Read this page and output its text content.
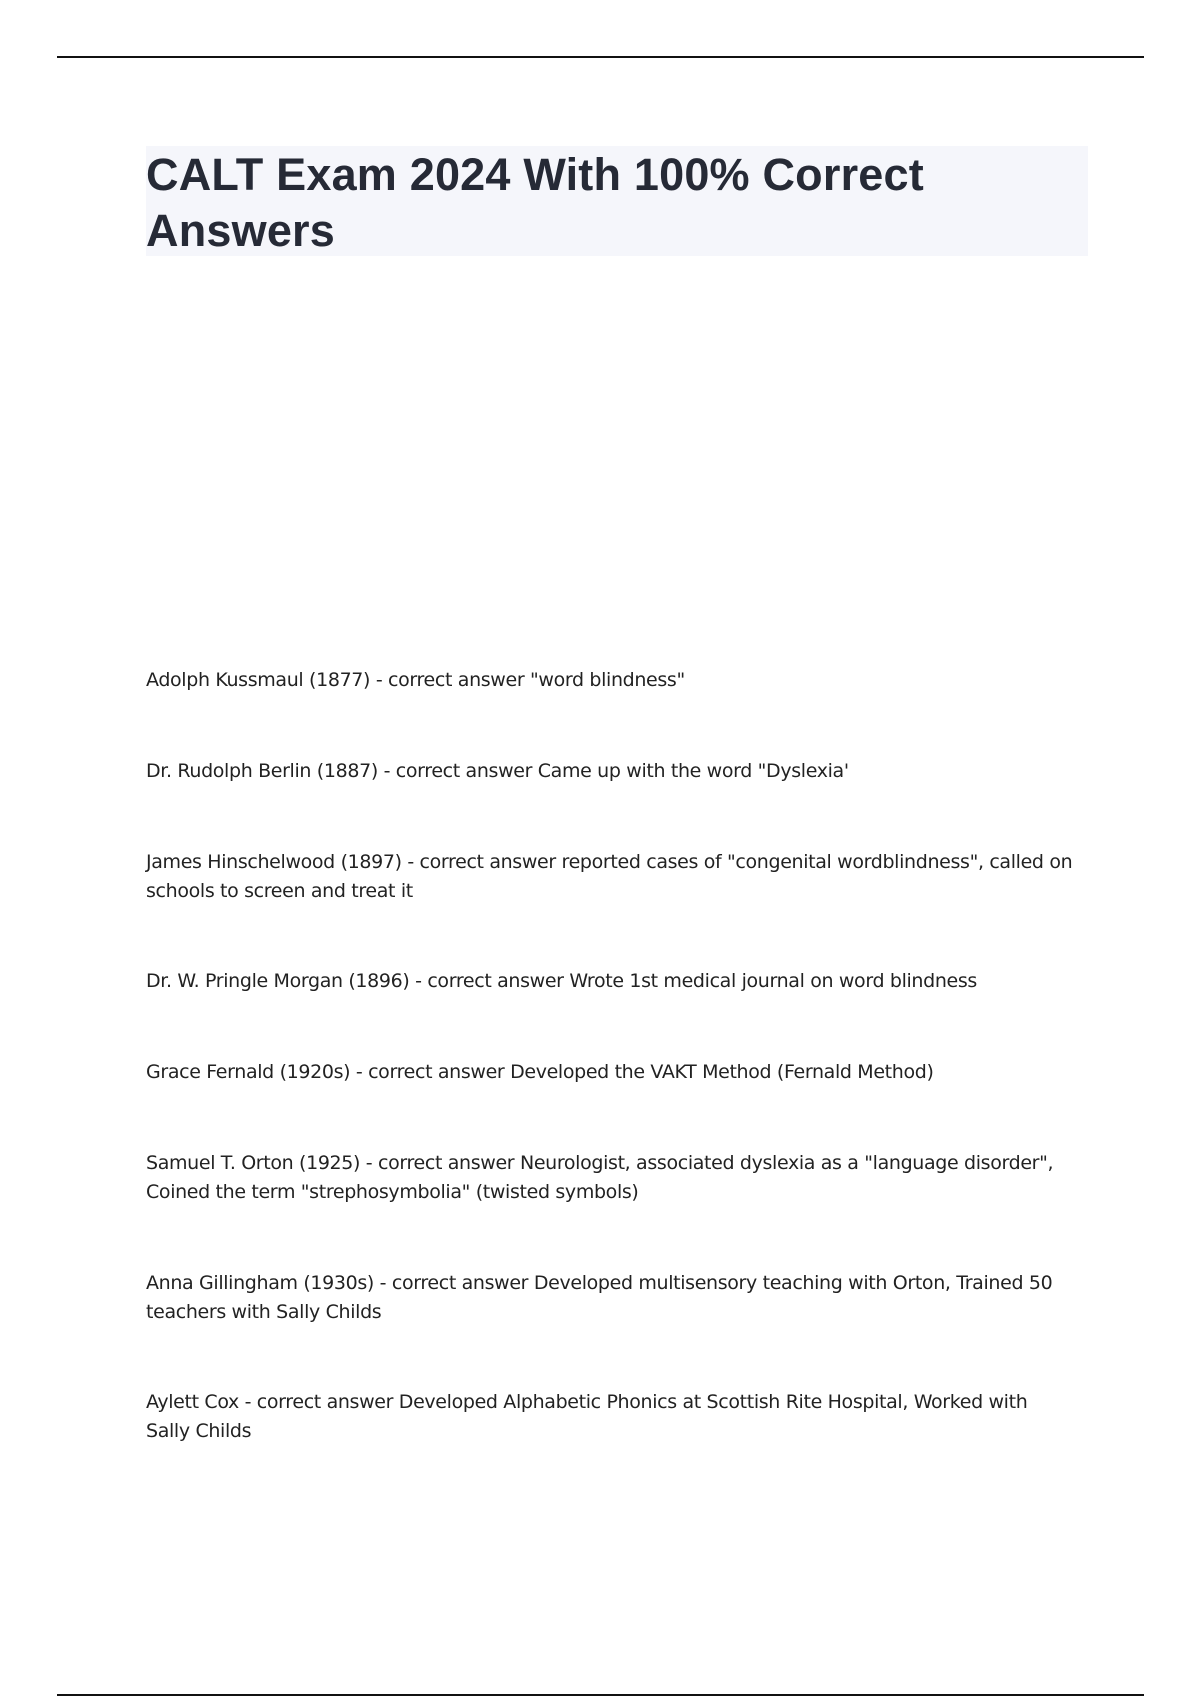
CALT Exam 2024 With 100% Correct Answers
Adolph Kussmaul (1877) - correct answer "word blindness"
Dr. Rudolph Berlin (1887) - correct answer Came up with the word "Dyslexia'
James Hinschelwood (1897) - correct answer reported cases of "congenital wordblindness", called on schools to screen and treat it
Dr. W. Pringle Morgan (1896) - correct answer Wrote 1st medical journal on word blindness
Grace Fernald (1920s) - correct answer Developed the VAKT Method (Fernald Method)
Samuel T. Orton (1925) - correct answer Neurologist, associated dyslexia as a "language disorder", Coined the term "strephosymbolia" (twisted symbols)
Anna Gillingham (1930s) - correct answer Developed multisensory teaching with Orton, Trained 50 teachers with Sally Childs
Aylett Cox - correct answer Developed Alphabetic Phonics at Scottish Rite Hospital, Worked with Sally Childs
